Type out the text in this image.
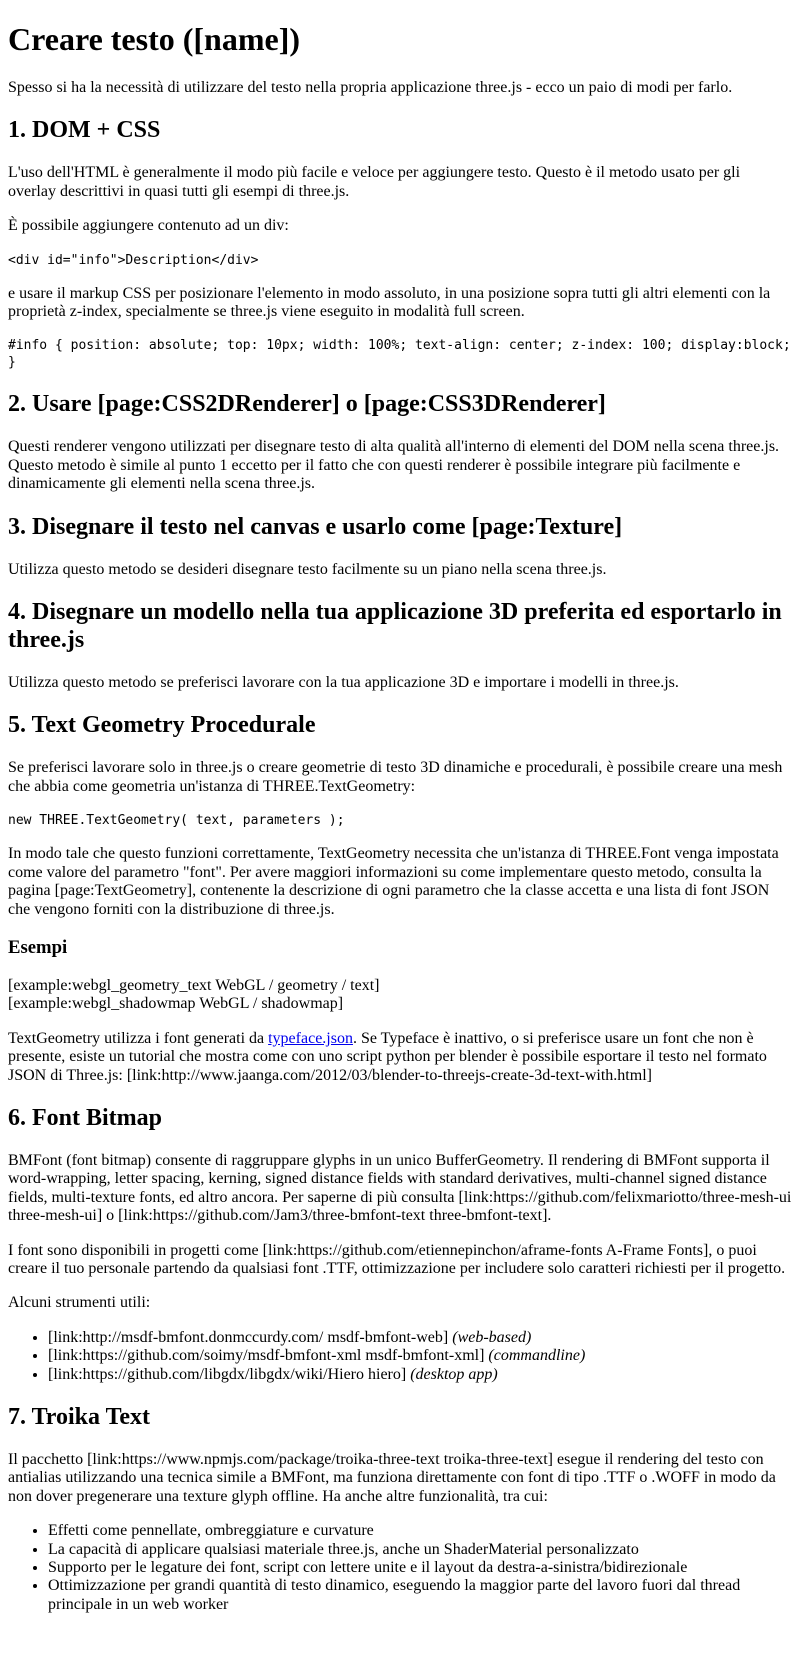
Creare testo ([name])

Spesso si ha la necessità di utilizzare del testo nella propria applicazione three.js - ecco un paio di modi per farlo.

1. DOM + CSS

L'uso dell'HTML è generalmente il modo più facile e veloce per aggiungere testo. Questo è il metodo usato per gli overlay descrittivi in quasi tutti gli esempi di three.js.

È possibile aggiungere contenuto ad un div:

<div id="info">Description</div>

e usare il markup CSS per posizionare l'elemento in modo assoluto, in una posizione sopra tutti gli altri elementi con la proprietà z-index, specialmente se three.js viene eseguito in modalità full screen.

#info { position: absolute; top: 10px; width: 100%; text-align: center; z-index: 100; display:block;
}
2. Usare [page:CSS2DRenderer] o [page:CSS3DRenderer]

Questi renderer vengono utilizzati per disegnare testo di alta qualità all'interno di elementi del DOM nella scena three.js. Questo metodo è simile al punto 1 eccetto per il fatto che con questi renderer è possibile integrare più facilmente e dinamicamente gli elementi nella scena three.js.

3. Disegnare il testo nel canvas e usarlo come [page:Texture]

Utilizza questo metodo se desideri disegnare testo facilmente su un piano nella scena three.js.

4. Disegnare un modello nella tua applicazione 3D preferita ed esportarlo in three.js

Utilizza questo metodo se preferisci lavorare con la tua applicazione 3D e importare i modelli in three.js.

5. Text Geometry Procedurale

Se preferisci lavorare solo in three.js o creare geometrie di testo 3D dinamiche e procedurali, è possibile creare una mesh che abbia come geometria un'istanza di THREE.TextGeometry:

new THREE.TextGeometry( text, parameters );

In modo tale che questo funzioni correttamente, TextGeometry necessita che un'istanza di THREE.Font venga impostata come valore del parametro "font". Per avere maggiori informazioni su come implementare questo metodo, consulta la pagina [page:TextGeometry], contenente la descrizione di ogni parametro che la classe accetta e una lista di font JSON che vengono forniti con la distribuzione di three.js.

Esempi

[example:webgl_geometry_text WebGL / geometry / text]
[example:webgl_shadowmap WebGL / shadowmap]

TextGeometry utilizza i font generati da typeface.json. Se Typeface è inattivo, o si preferisce usare un font che non è presente, esiste un tutorial che mostra come con uno script python per blender è possibile esportare il testo nel formato JSON di Three.js: [link:http://www.jaanga.com/2012/03/blender-to-threejs-create-3d-text-with.html]

6. Font Bitmap

BMFont (font bitmap) consente di raggruppare glyphs in un unico BufferGeometry. Il rendering di BMFont supporta il word-wrapping, letter spacing, kerning, signed distance fields with standard derivatives, multi-channel signed distance fields, multi-texture fonts, ed altro ancora. Per saperne di più consulta [link:https://github.com/felixmariotto/three-mesh-ui three-mesh-ui] o [link:https://github.com/Jam3/three-bmfont-text three-bmfont-text].

I font sono disponibili in progetti come [link:https://github.com/etiennepinchon/aframe-fonts A-Frame Fonts], o puoi creare il tuo personale partendo da qualsiasi font .TTF, ottimizzazione per includere solo caratteri richiesti per il progetto.

Alcuni strumenti utili:

• [link:http://msdf-bmfont.donmccurdy.com/ msdf-bmfont-web] (web-based)
• [link:https://github.com/soimy/msdf-bmfont-xml msdf-bmfont-xml] (commandline)
• [link:https://github.com/libgdx/libgdx/wiki/Hiero hiero] (desktop app)
7. Troika Text

Il pacchetto [link:https://www.npmjs.com/package/troika-three-text troika-three-text] esegue il rendering del testo con antialias utilizzando una tecnica simile a BMFont, ma funziona direttamente con font di tipo .TTF o .WOFF in modo da non dover pregenerare una texture glyph offline. Ha anche altre funzionalità, tra cui:

• Effetti come pennellate, ombreggiature e curvature
• La capacità di applicare qualsiasi materiale three.js, anche un ShaderMaterial personalizzato
• Supporto per le legature dei font, script con lettere unite e il layout da destra-a-sinistra/bidirezionale
• Ottimizzazione per grandi quantità di testo dinamico, eseguendo la maggior parte del lavoro fuori dal thread principale in un web worker
